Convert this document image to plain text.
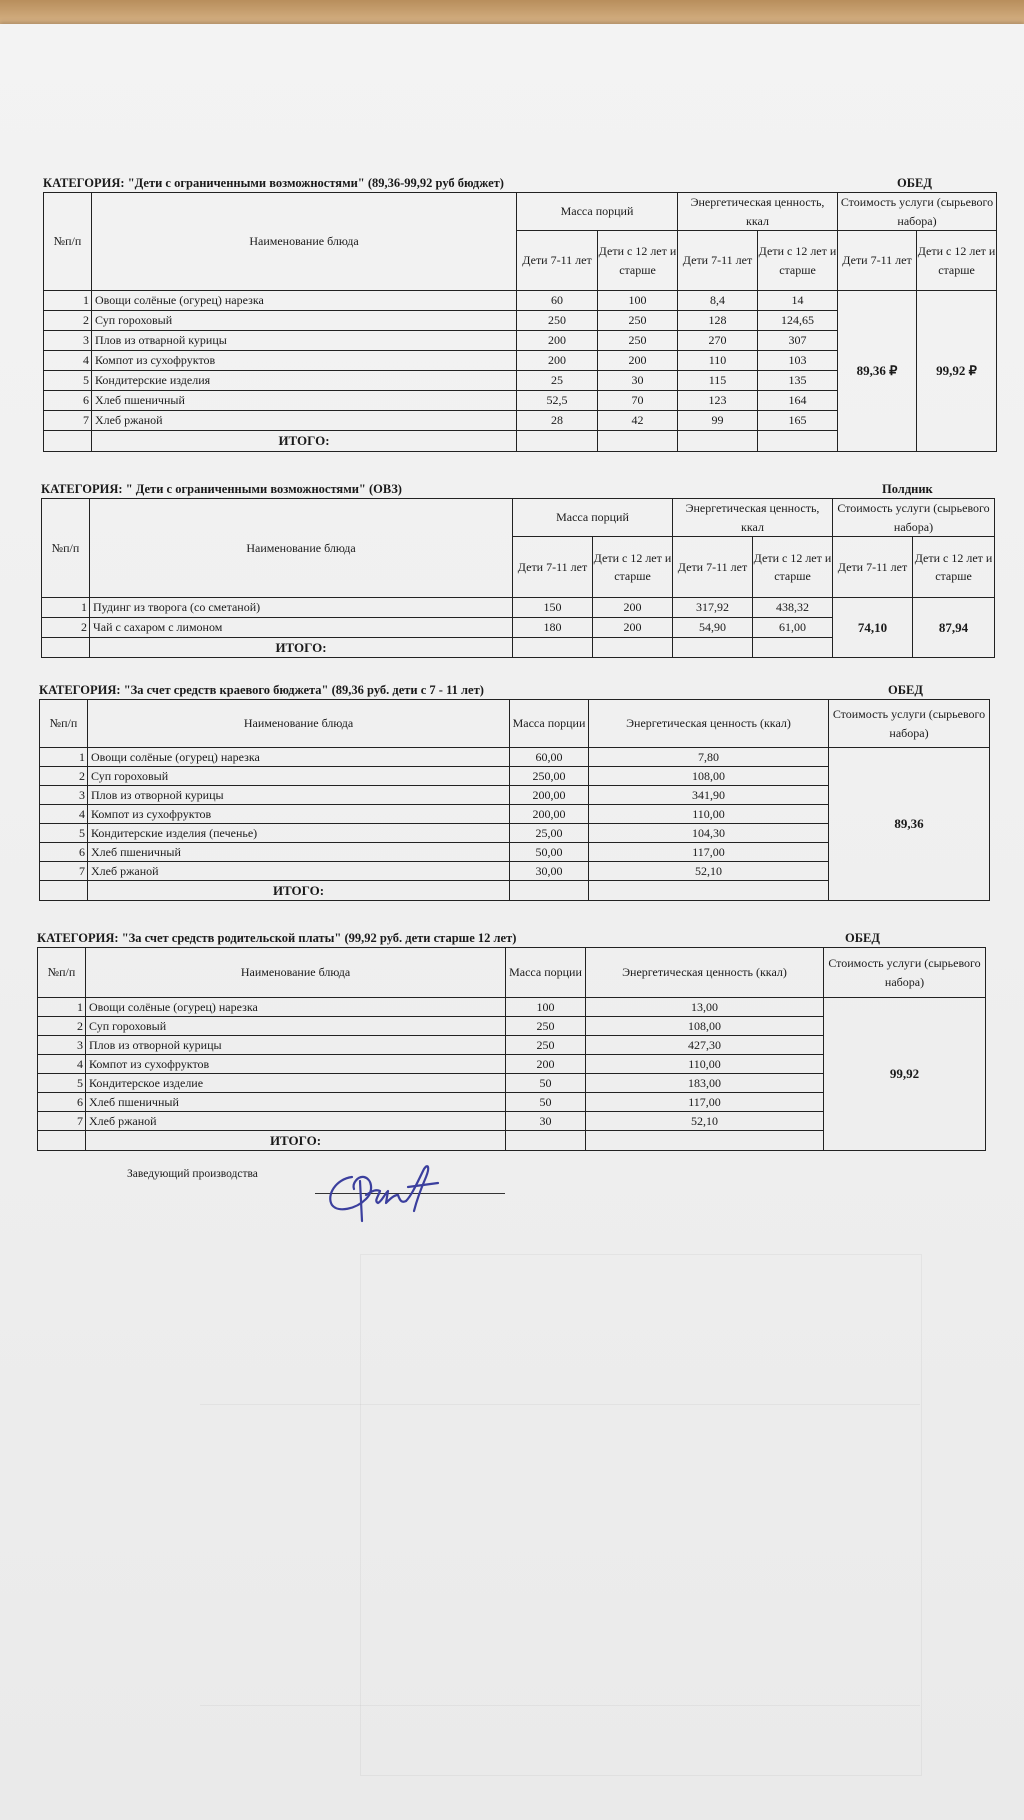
КАТЕГОРИЯ: "Дети с ограниченными возможностями" (89,36-99,92 руб бюджет)	ОБЕД
№п/п	Наименование блюда	Масса порций		Энергетическая ценность, ккал		Стоимость услуги (сырьевого набора)	
		Дети 7-11 лет	Дети с 12 лет и старше	Дети 7-11 лет	Дети с 12 лет и старше	Дети 7-11 лет	Дети с 12 лет и старше
1	Овощи солёные (огурец) нарезка	60	100	8,4	14	89,36 ₽	99,92 ₽
2	Суп гороховый	250	250	128	124,65		
3	Плов из отварной курицы	200	250	270	307		
4	Компот из сухофруктов	200	200	110	103		
5	Кондитерские изделия	25	30	115	135		
6	Хлеб пшеничный	52,5	70	123	164		
7	Хлеб ржаной	28	42	99	165		
	ИТОГО:						
КАТЕГОРИЯ: " Дети с ограниченными возможностями" (ОВЗ)	Полдник
№п/п	Наименование блюда	Масса порций		Энергетическая ценность, ккал		Стоимость услуги (сырьевого набора)	
		Дети 7-11 лет	Дети с 12 лет и старше	Дети 7-11 лет	Дети с 12 лет и старше	Дети 7-11 лет	Дети с 12 лет и старше
1	Пудинг из творога (со сметаной)	150	200	317,92	438,32	74,10	87,94
2	Чай с сахаром с лимоном	180	200	54,90	61,00		
	ИТОГО:						
КАТЕГОРИЯ: "За счет средств краевого бюджета" (89,36 руб. дети с 7 - 11 лет)	ОБЕД
№п/п	Наименование блюда	Масса порции	Энергетическая ценность (ккал)	Стоимость услуги (сырьевого набора)
1	Овощи солёные (огурец) нарезка	60,00	7,80	89,36
2	Суп гороховый	250,00	108,00	
3	Плов из отворной курицы	200,00	341,90	
4	Компот из сухофруктов	200,00	110,00	
5	Кондитерские изделия (печенье)	25,00	104,30	
6	Хлеб пшеничный	50,00	117,00	
7	Хлеб ржаной	30,00	52,10	
	ИТОГО:			
КАТЕГОРИЯ: "За счет средств родительской платы" (99,92 руб. дети старше 12 лет)	ОБЕД
№п/п	Наименование блюда	Масса порции	Энергетическая ценность (ккал)	Стоимость услуги (сырьевого набора)
1	Овощи солёные (огурец) нарезка	100	13,00	99,92
2	Суп гороховый	250	108,00	
3	Плов из отворной курицы	250	427,30	
4	Компот из сухофруктов	200	110,00	
5	Кондитерское изделие	50	183,00	
6	Хлеб пшеничный	50	117,00	
7	Хлеб ржаной	30	52,10	
	ИТОГО:			
Заведующий производства
